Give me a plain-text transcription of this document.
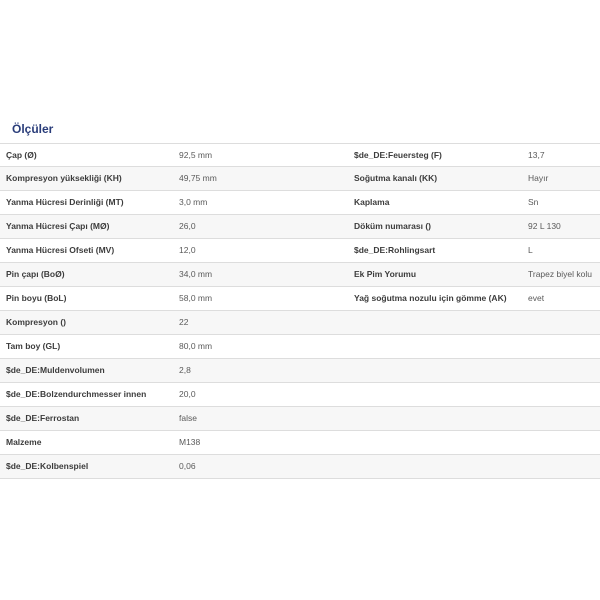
Ölçüler
Çap (Ø)	92,5 mm	$de_DE:Feuersteg (F)	13,7
Kompresyon yüksekliği (KH)	49,75 mm	Soğutma kanalı (KK)	Hayır
Yanma Hücresi Derinliği (MT)	3,0 mm	Kaplama	Sn
Yanma Hücresi Çapı (MØ)	26,0	Döküm numarası ()	92 L 130
Yanma Hücresi Ofseti (MV)	12,0	$de_DE:Rohlingsart	L
Pin çapı (BoØ)	34,0 mm	Ek Pim Yorumu	Trapez biyel kolu
Pin boyu (BoL)	58,0 mm	Yağ soğutma nozulu için gömme (AK)	evet
Kompresyon ()	22
Tam boy (GL)	80,0 mm
$de_DE:Muldenvolumen	2,8
$de_DE:Bolzendurchmesser innen	20,0
$de_DE:Ferrostan	false
Malzeme	M138
$de_DE:Kolbenspiel	0,06
